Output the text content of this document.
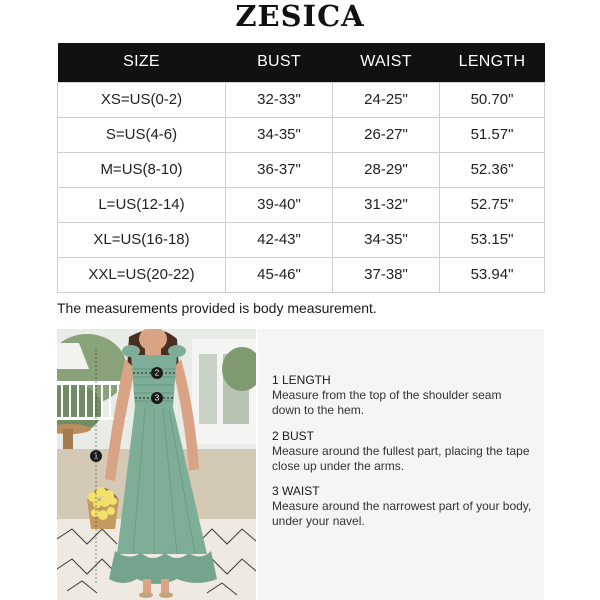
ZESICA
SIZE	BUST	WAIST	LENGTH
XS=US(0-2)	32-33"	24-25"	50.70"
S=US(4-6)	34-35"	26-27"	51.57"
M=US(8-10)	36-37"	28-29"	52.36"
L=US(12-14)	39-40"	31-32"	52.75"
XL=US(16-18)	42-43"	34-35"	53.15"
XXL=US(20-22)	45-46"	37-38"	53.94"
The measurements provided is body measurement.
2
3
1
1 LENGTH
Measure from the top of the shoulder seam down to the hem.
2 BUST
Measure around the fullest part, placing the tape close up under the arms.
3 WAIST
Measure around the narrowest part of your body, under your navel.
